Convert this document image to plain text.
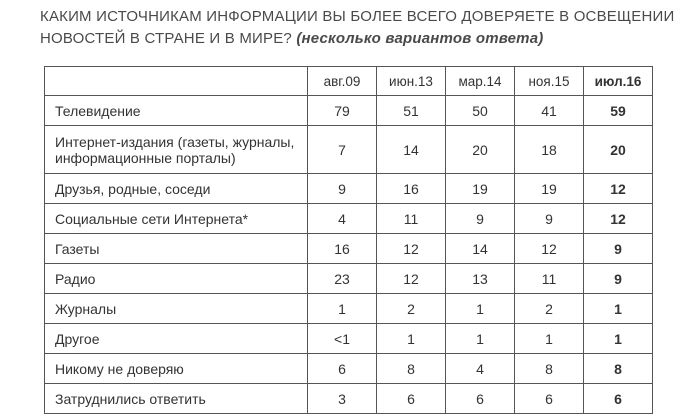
КАКИМ ИСТОЧНИКАМ ИНФОРМАЦИИ ВЫ БОЛЕЕ ВСЕГО ДОВЕРЯЕТЕ В ОСВЕЩЕНИИ НОВОСТЕЙ В СТРАНЕ И В МИРЕ? (несколько вариантов ответа)
	авг.09	июн.13	мар.14	ноя.15	июл.16
Телевидение	79	51	50	41	59
Интернет-издания (газеты, журналы, информационные порталы)	7	14	20	18	20
Друзья, родные, соседи	9	16	19	19	12
Социальные сети Интернета*	4	11	9	9	12
Газеты	16	12	14	12	9
Радио	23	12	13	11	9
Журналы	1	2	1	2	1
Другое	<1	1	1	1	1
Никому не доверяю	6	8	4	8	8
Затруднились ответить	3	6	6	6	6
